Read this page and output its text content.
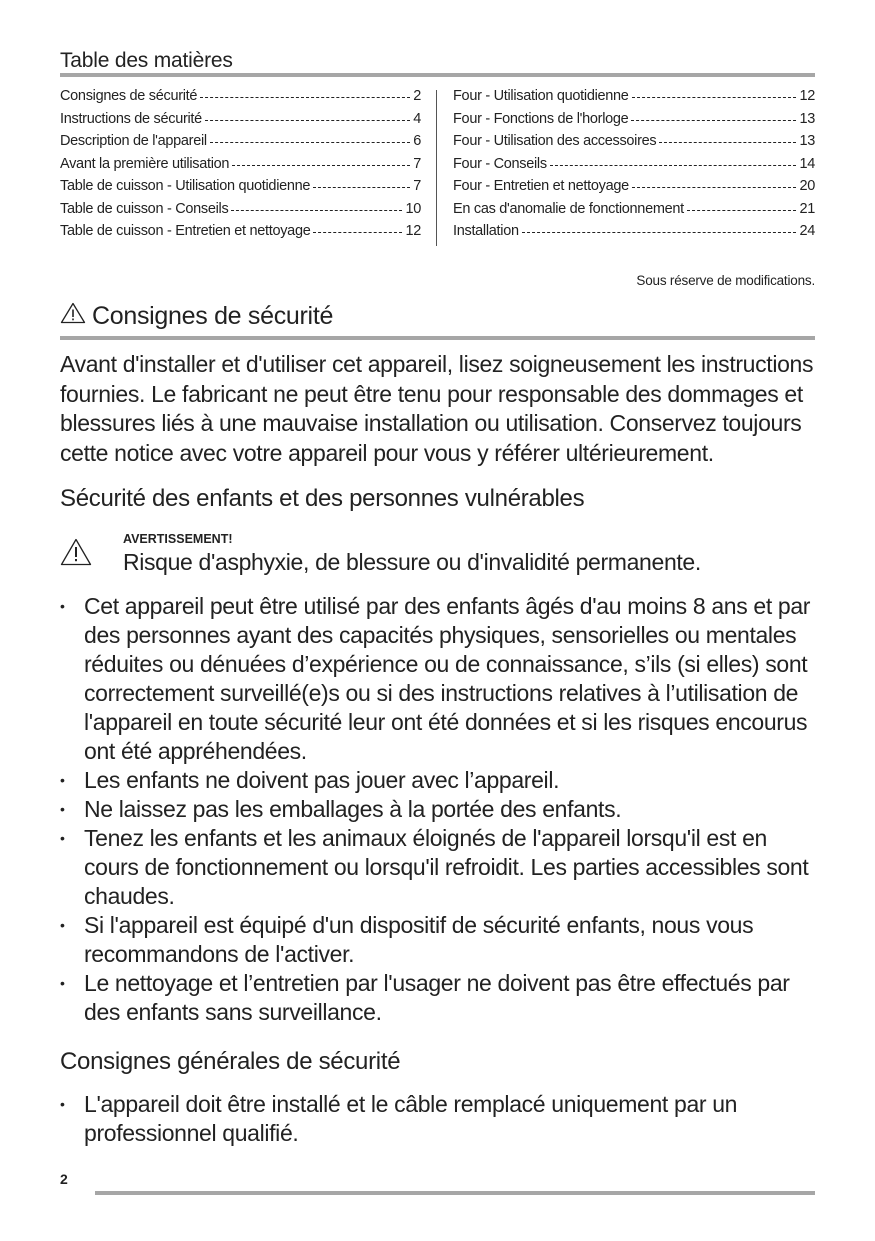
Table des matières
Consignes de sécurité	2
Instructions de sécurité	4
Description de l'appareil	6
Avant la première utilisation	7
Table de cuisson - Utilisation quotidienne	7
Table de cuisson - Conseils	10
Table de cuisson - Entretien et nettoyage	12
Four - Utilisation quotidienne	12
Four - Fonctions de l'horloge	13
Four - Utilisation des accessoires	13
Four - Conseils	14
Four - Entretien et nettoyage	20
En cas d'anomalie de fonctionnement	21
Installation	24
Sous réserve de modifications.
Consignes de sécurité
Avant d'installer et d'utiliser cet appareil, lisez soigneusement les instructions fournies. Le fabricant ne peut être tenu pour responsable des dommages et blessures liés à une mauvaise installation ou utilisation. Conservez toujours cette notice avec votre appareil pour vous y référer ultérieurement.
Sécurité des enfants et des personnes vulnérables
AVERTISSEMENT!
Risque d'asphyxie, de blessure ou d'invalidité permanente.
• Cet appareil peut être utilisé par des enfants âgés d'au moins 8 ans et par des personnes ayant des capacités physiques, sensorielles ou mentales réduites ou dénuées d’expérience ou de connaissance, s’ils (si elles) sont correctement surveillé(e)s ou si des instructions relatives à l’utilisation de l'appareil en toute sécurité leur ont été données et si les risques encourus ont été appréhendées.
• Les enfants ne doivent pas jouer avec l’appareil.
• Ne laissez pas les emballages à la portée des enfants.
• Tenez les enfants et les animaux éloignés de l'appareil lorsqu'il est en cours de fonctionnement ou lorsqu'il refroidit. Les parties accessibles sont chaudes.
• Si l'appareil est équipé d'un dispositif de sécurité enfants, nous vous recommandons de l'activer.
• Le nettoyage et l’entretien par l'usager ne doivent pas être effectués par des enfants sans surveillance.
Consignes générales de sécurité
• L'appareil doit être installé et le câble remplacé uniquement par un professionnel qualifié.
2
